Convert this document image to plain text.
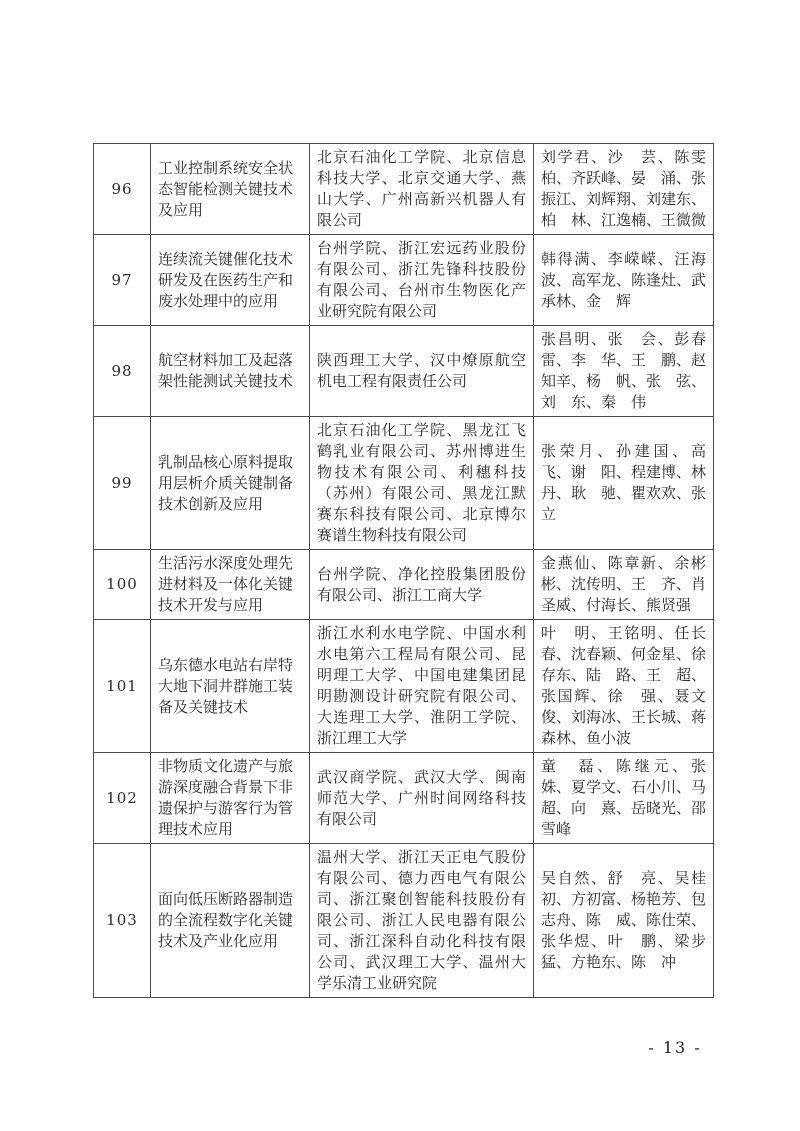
96	工业控制系统安全状态智能检测关键技术及应用	北京石油化工学院、北京信息科技大学、北京交通大学、燕山大学、广州高新兴机器人有限公司	刘学君、沙　芸、陈雯柏、齐跃峰、晏　涌、张振江、刘辉翔、刘建东、柏　林、江逸楠、王微微
97	连续流关键催化技术研发及在医药生产和废水处理中的应用	台州学院、浙江宏远药业股份有限公司、浙江先锋科技股份有限公司、台州市生物医化产业研究院有限公司	韩得满、李嵘嵘、汪海波、高军龙、陈逢灶、武承林、金　辉
98	航空材料加工及起落架性能测试关键技术	陕西理工大学、汉中燎原航空机电工程有限责任公司	张昌明、张　会、彭春雷、李　华、王　鹏、赵知辛、杨　帆、张　弦、刘　东、秦　伟
99	乳制品核心原料提取用层析介质关键制备技术创新及应用	北京石油化工学院、黑龙江飞鹤乳业有限公司、苏州博进生物技术有限公司、利穗科技（苏州）有限公司、黑龙江默赛东科技有限公司、北京博尔赛谱生物科技有限公司	张荣月、孙建国、高　飞、谢　阳、程建博、林　丹、耿　驰、瞿欢欢、张　立
100	生活污水深度处理先进材料及一体化关键技术开发与应用	台州学院、净化控股集团股份有限公司、浙江工商大学	金燕仙、陈章新、余彬彬、沈传明、王　齐、肖圣威、付海长、熊贤强
101	乌东德水电站右岸特大地下洞井群施工装备及关键技术	浙江水利水电学院、中国水利水电第六工程局有限公司、昆明理工大学、中国电建集团昆明勘测设计研究院有限公司、大连理工大学、淮阴工学院、浙江理工大学	叶　明、王铭明、任长春、沈春颖、何金星、徐存东、陆　路、王　超、张国辉、徐　强、聂文俊、刘海冰、王长城、蒋森林、鱼小波
102	非物质文化遗产与旅游深度融合背景下非遗保护与游客行为管理技术应用	武汉商学院、武汉大学、闽南师范大学、广州时间网络科技有限公司	童　磊、陈继元、张　姝、夏学文、石小川、马　超、向　熹、岳晓光、邵雪峰
103	面向低压断路器制造的全流程数字化关键技术及产业化应用	温州大学、浙江天正电气股份有限公司、德力西电气有限公司、浙江聚创智能科技股份有限公司、浙江人民电器有限公司、浙江深科自动化科技有限公司、武汉理工大学、温州大学乐清工业研究院	吴自然、舒　亮、吴桂初、方初富、杨艳芳、包志舟、陈　威、陈仕荣、张华煜、叶　鹏、梁步猛、方艳东、陈　冲
- 13 -
